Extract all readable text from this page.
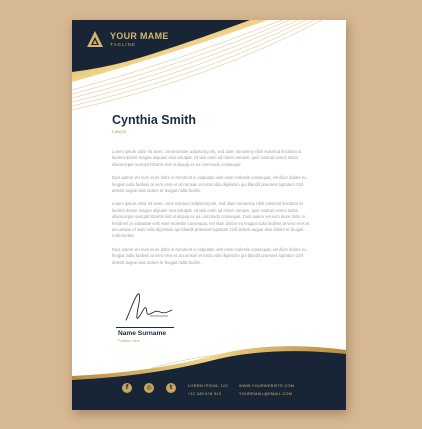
YOUR MAME
TAGLINE
Cynthia Smith
Lawyer

Lorem ipsum dolor sit amet, consectetuer adipiscing elit, sed diam nonummy nibh euismod tincidunt ut laoreet dolore magna aliquam erat volutpat. Ut wisi enim ad minim veniam, quis nostrud exerci tation ullamcorper suscipit lobortis nisl ut aliquip ex ea commodo consequat.

Duis autem vel eum iriure dolor in hendrerit in vulputate velit esse molestie consequat, vel illum dolore eu feugiat nulla facilisis at vero eros et accumsan et iusto odio dignissim qui blandit praesent luptatum zzril delenit augue duis dolore te feugait nulla facilisi.

Lorem ipsum dolor sit amet, cons ectetuer adipiscing elit, sed diam nonummy nibh euismod tincidunt ut laoreet dolore magna aliquam erat volutpat. Ut wisi enim ad minim veniam, quis nostrud exerci tation ullamcorper suscipit lobortis nisl ut aliquip ex ea commodo consequat. Duis autem vel eum iriure dolor in hendrerit in vulputate velit esse molestie consequat, vel illum dolore eu feugiat nulla facilisis at vero eros et accumsan et iusto odio dignissim qui blandit praesent luptatum zzril delenit augue duis dolore te feugait nulla facilisi.

Duis autem vel eum iriure dolor in hendrerit in vulputate velit esse molestie consequat, vel illum dolore eu feugiat nulla facilisis at vero eros et accumsan et iusto odio dignissim qui blandit praesent luptatum zzril delenit augue duis dolore te feugait nulla facilisi.

Name Surname
Position here
f	◎	t	LOREM IPSUM, 123
+12 345 678 910
WWW.YOURWEBSITE.COM
YOUREMAIL@EMAIL.COM
